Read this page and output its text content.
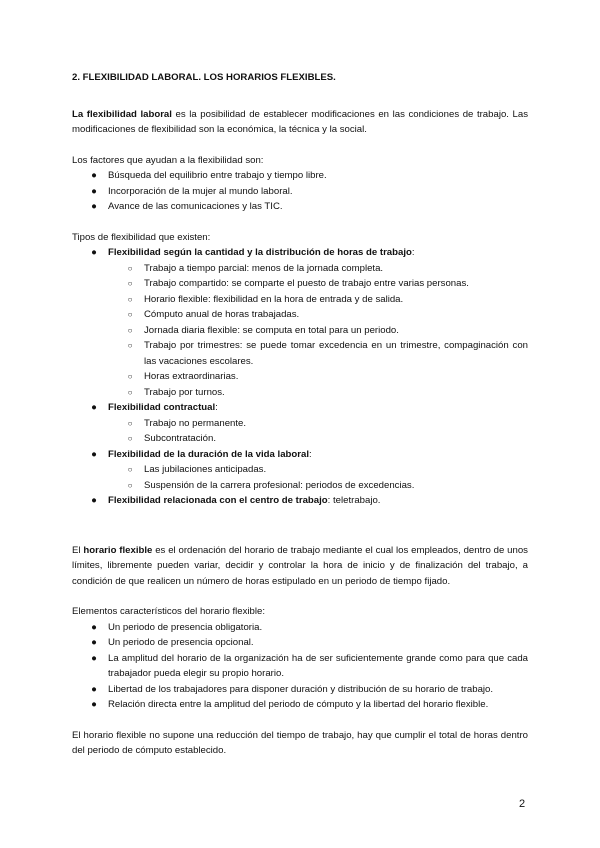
2. FLEXIBILIDAD LABORAL. LOS HORARIOS FLEXIBLES.

La flexibilidad laboral es la posibilidad de establecer modificaciones en las condiciones de trabajo. Las modificaciones de flexibilidad son la económica, la técnica y la social.

Los factores que ayudan a la flexibilidad son:

● Búsqueda del equilibrio entre trabajo y tiempo libre.
● Incorporación de la mujer al mundo laboral.
● Avance de las comunicaciones y las TIC.

Tipos de flexibilidad que existen:

● Flexibilidad según la cantidad y la distribución de horas de trabajo:
○ Trabajo a tiempo parcial: menos de la jornada completa.
○ Trabajo compartido: se comparte el puesto de trabajo entre varias personas.
○ Horario flexible: flexibilidad en la hora de entrada y de salida.
○ Cómputo anual de horas trabajadas.
○ Jornada diaria flexible: se computa en total para un periodo.
○ Trabajo por trimestres: se puede tomar excedencia en un trimestre, compaginación con las vacaciones escolares.
○ Horas extraordinarias.
○ Trabajo por turnos.
● Flexibilidad contractual:
○ Trabajo no permanente.
○ Subcontratación.
● Flexibilidad de la duración de la vida laboral:
○ Las jubilaciones anticipadas.
○ Suspensión de la carrera profesional: periodos de excedencias.
● Flexibilidad relacionada con el centro de trabajo: teletrabajo.

El horario flexible es el ordenación del horario de trabajo mediante el cual los empleados, dentro de unos límites, libremente pueden variar, decidir y controlar la hora de inicio y de finalización del trabajo, a condición de que realicen un número de horas estipulado en un periodo de tiempo fijado.

Elementos característicos del horario flexible:

● Un periodo de presencia obligatoria.
● Un periodo de presencia opcional.
● La amplitud del horario de la organización ha de ser suficientemente grande como para que cada trabajador pueda elegir su propio horario.
● Libertad de los trabajadores para disponer duración y distribución de su horario de trabajo.
● Relación directa entre la amplitud del periodo de cómputo y la libertad del horario flexible.

El horario flexible no supone una reducción del tiempo de trabajo, hay que cumplir el total de horas dentro del periodo de cómputo establecido.

2
